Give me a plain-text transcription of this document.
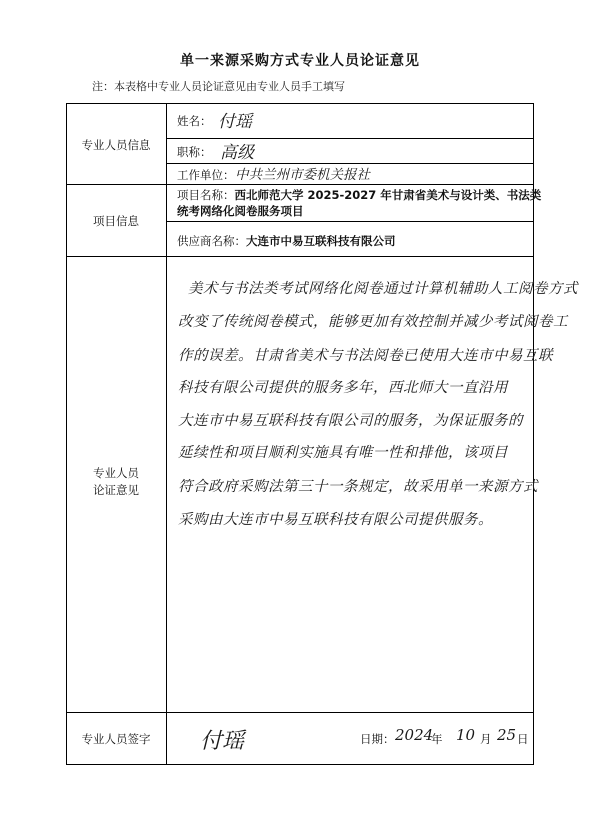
单一来源采购方式专业人员论证意见
注：本表格中专业人员论证意见由专业人员手工填写
专业人员信息
项目信息
专业人员
论证意见
专业人员签字
姓名： 付瑶
职称： 高级
工作单位： 中共兰州市委机关报社
项目名称：西北师范大学 2025-2027 年甘肃省美术与设计类、书法类统考网络化阅卷服务项目
供应商名称：大连市中易互联科技有限公司
美术与书法类考试网络化阅卷通过计算机辅助人工阅卷方式
改变了传统阅卷模式，能够更加有效控制并减少考试阅卷工
作的误差。甘肃省美术与书法阅卷已使用大连市中易互联
科技有限公司提供的服务多年，西北师大一直沿用
大连市中易互联科技有限公司的服务，为保证服务的
延续性和项目顺利实施具有唯一性和排他，该项目
符合政府采购法第三十一条规定，故采用单一来源方式
采购由大连市中易互联科技有限公司提供服务。
付瑶	日期： 2024
年 10 月 25 日
